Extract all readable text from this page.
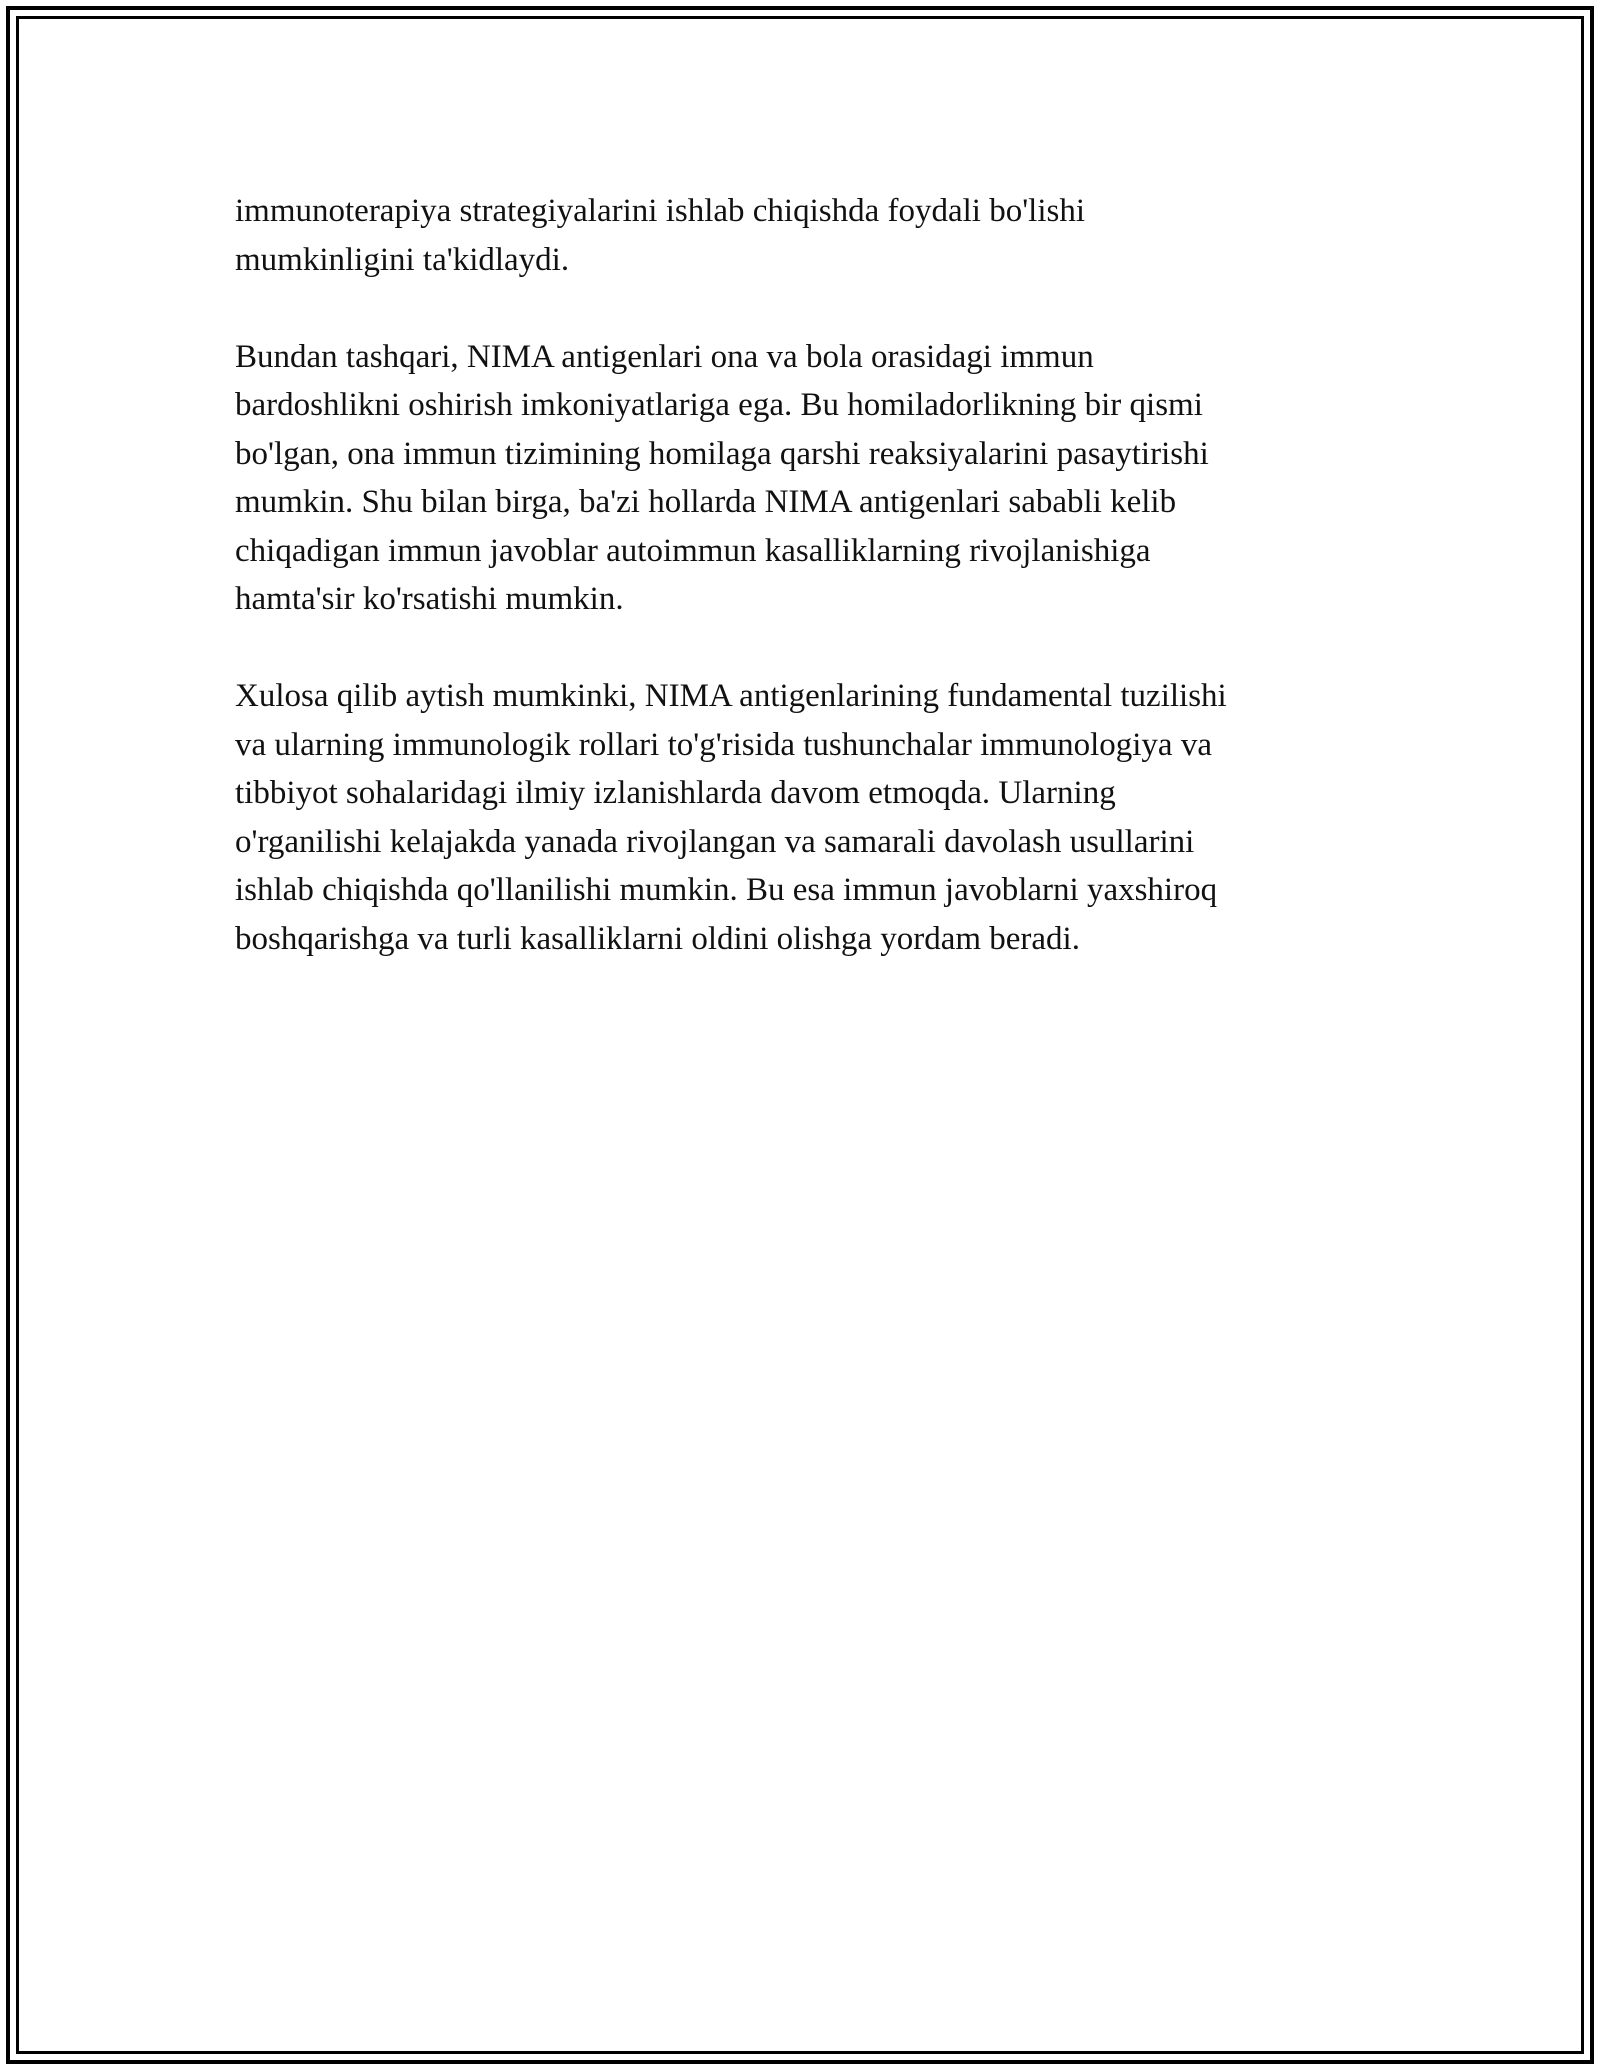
immunoterapiya strategiyalarini ishlab chiqishda foydali bo'lishi
mumkinligini ta'kidlaydi.

Bundan tashqari, NIMA antigenlari ona va bola orasidagi immun
bardoshlikni oshirish imkoniyatlariga ega. Bu homiladorlikning bir qismi
bo'lgan, ona immun tizimining homilaga qarshi reaksiyalarini pasaytirishi
mumkin. Shu bilan birga, ba'zi hollarda NIMA antigenlari sababli kelib
chiqadigan immun javoblar autoimmun kasalliklarning rivojlanishiga
hamta'sir ko'rsatishi mumkin.

Xulosa qilib aytish mumkinki, NIMA antigenlarining fundamental tuzilishi
va ularning immunologik rollari to'g'risida tushunchalar immunologiya va
tibbiyot sohalaridagi ilmiy izlanishlarda davom etmoqda. Ularning
o'rganilishi kelajakda yanada rivojlangan va samarali davolash usullarini
ishlab chiqishda qo'llanilishi mumkin. Bu esa immun javoblarni yaxshiroq
boshqarishga va turli kasalliklarni oldini olishga yordam beradi.
